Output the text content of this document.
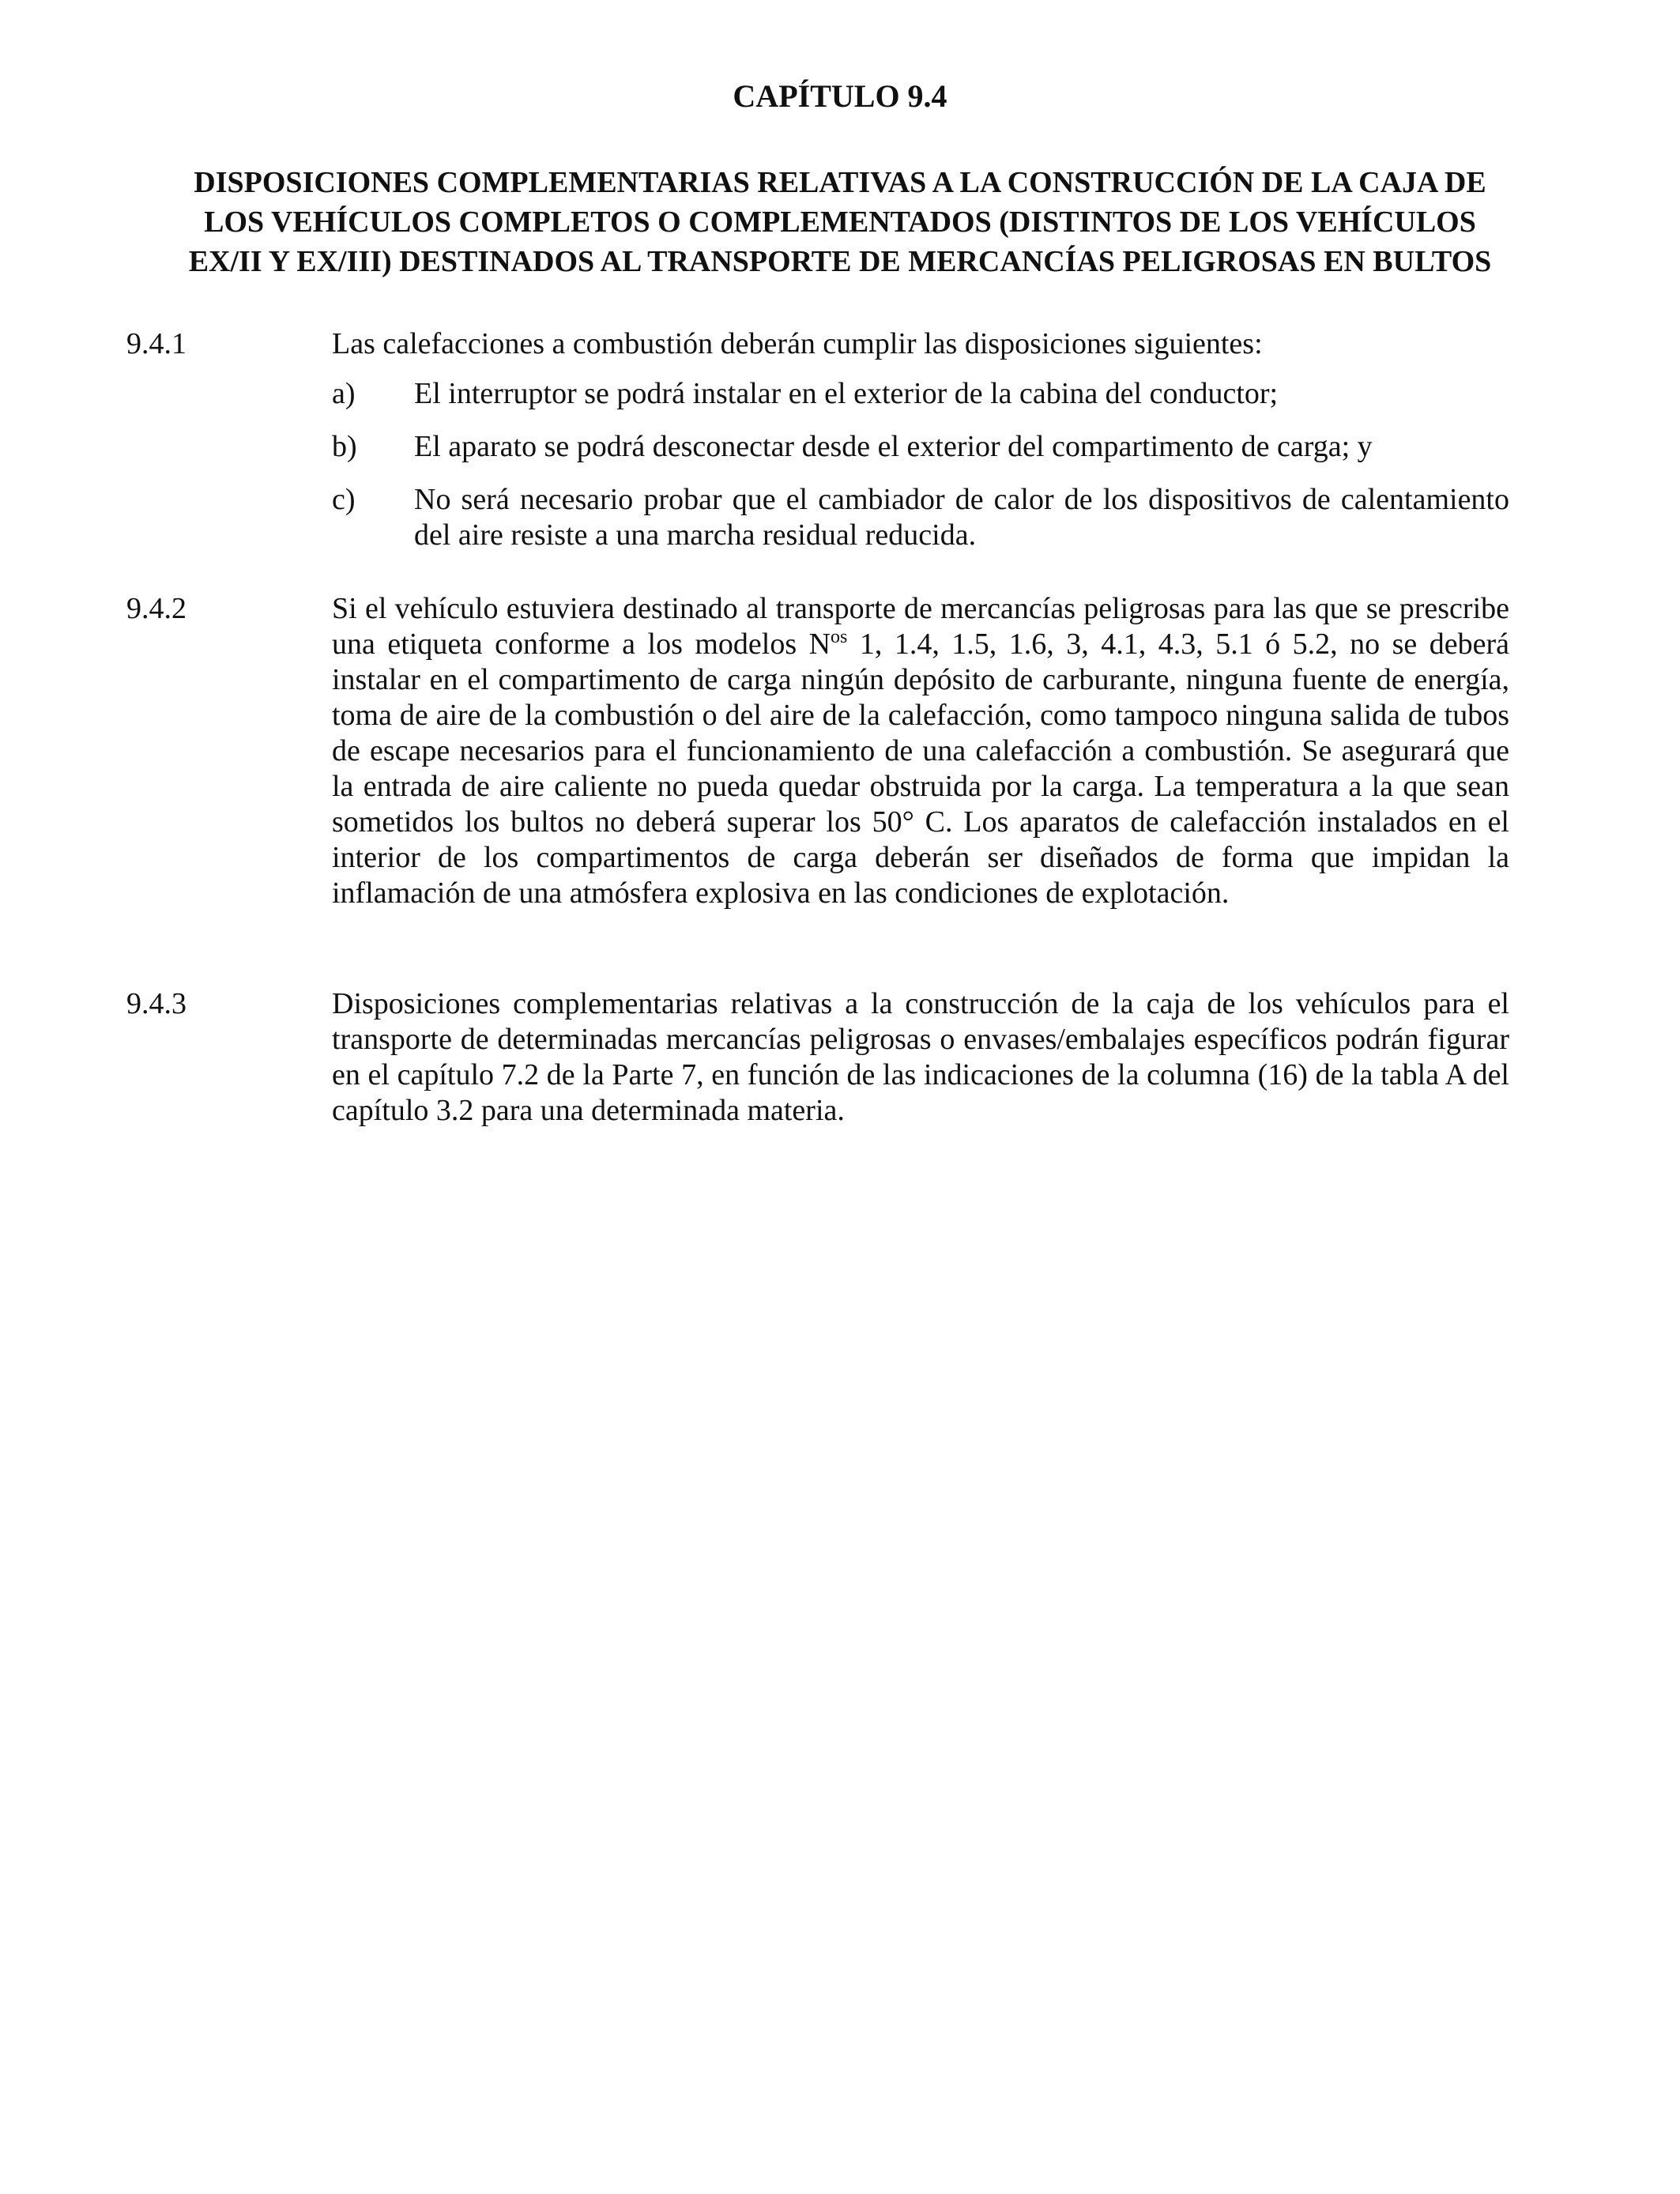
CAPÍTULO 9.4
DISPOSICIONES COMPLEMENTARIAS RELATIVAS A LA CONSTRUCCIÓN DE LA CAJA DE
LOS VEHÍCULOS COMPLETOS O COMPLEMENTADOS (DISTINTOS DE LOS VEHÍCULOS
EX/II Y EX/III) DESTINADOS AL TRANSPORTE DE MERCANCÍAS PELIGROSAS EN BULTOS
9.4.1	Las calefacciones a combustión deberán cumplir las disposiciones siguientes:

a) El interruptor se podrá instalar en el exterior de la cabina del conductor;
b) El aparato se podrá desconectar desde el exterior del compartimento de carga; y
c) No será necesario probar que el cambiador de calor de los dispositivos de calentamiento del aire resiste a una marcha residual reducida.
9.4.2	Si el vehículo estuviera destinado al transporte de mercancías peligrosas para las que se prescribe una etiqueta conforme a los modelos $N^{os}$ 1, 1.4, 1.5, 1.6, 3, 4.1, 4.3, 5.1 ó 5.2, no se deberá instalar en el compartimento de carga ningún depósito de carburante, ninguna fuente de energía, toma de aire de la combustión o del aire de la calefacción, como tampoco ninguna salida de tubos de escape necesarios para el funcionamiento de una calefacción a combustión. Se asegurará que la entrada de aire caliente no pueda quedar obstruida por la carga. La temperatura a la que sean sometidos los bultos no deberá superar los 50° C. Los aparatos de calefacción instalados en el interior de los compartimentos de carga deberán ser diseñados de forma que impidan la inflamación de una atmósfera explosiva en las condiciones de explotación.

9.4.3	Disposiciones complementarias relativas a la construcción de la caja de los vehículos para el transporte de determinadas mercancías peligrosas o envases/embalajes específicos podrán figurar en el capítulo 7.2 de la Parte 7, en función de las indicaciones de la columna (16) de la tabla A del capítulo 3.2 para una determinada materia.
